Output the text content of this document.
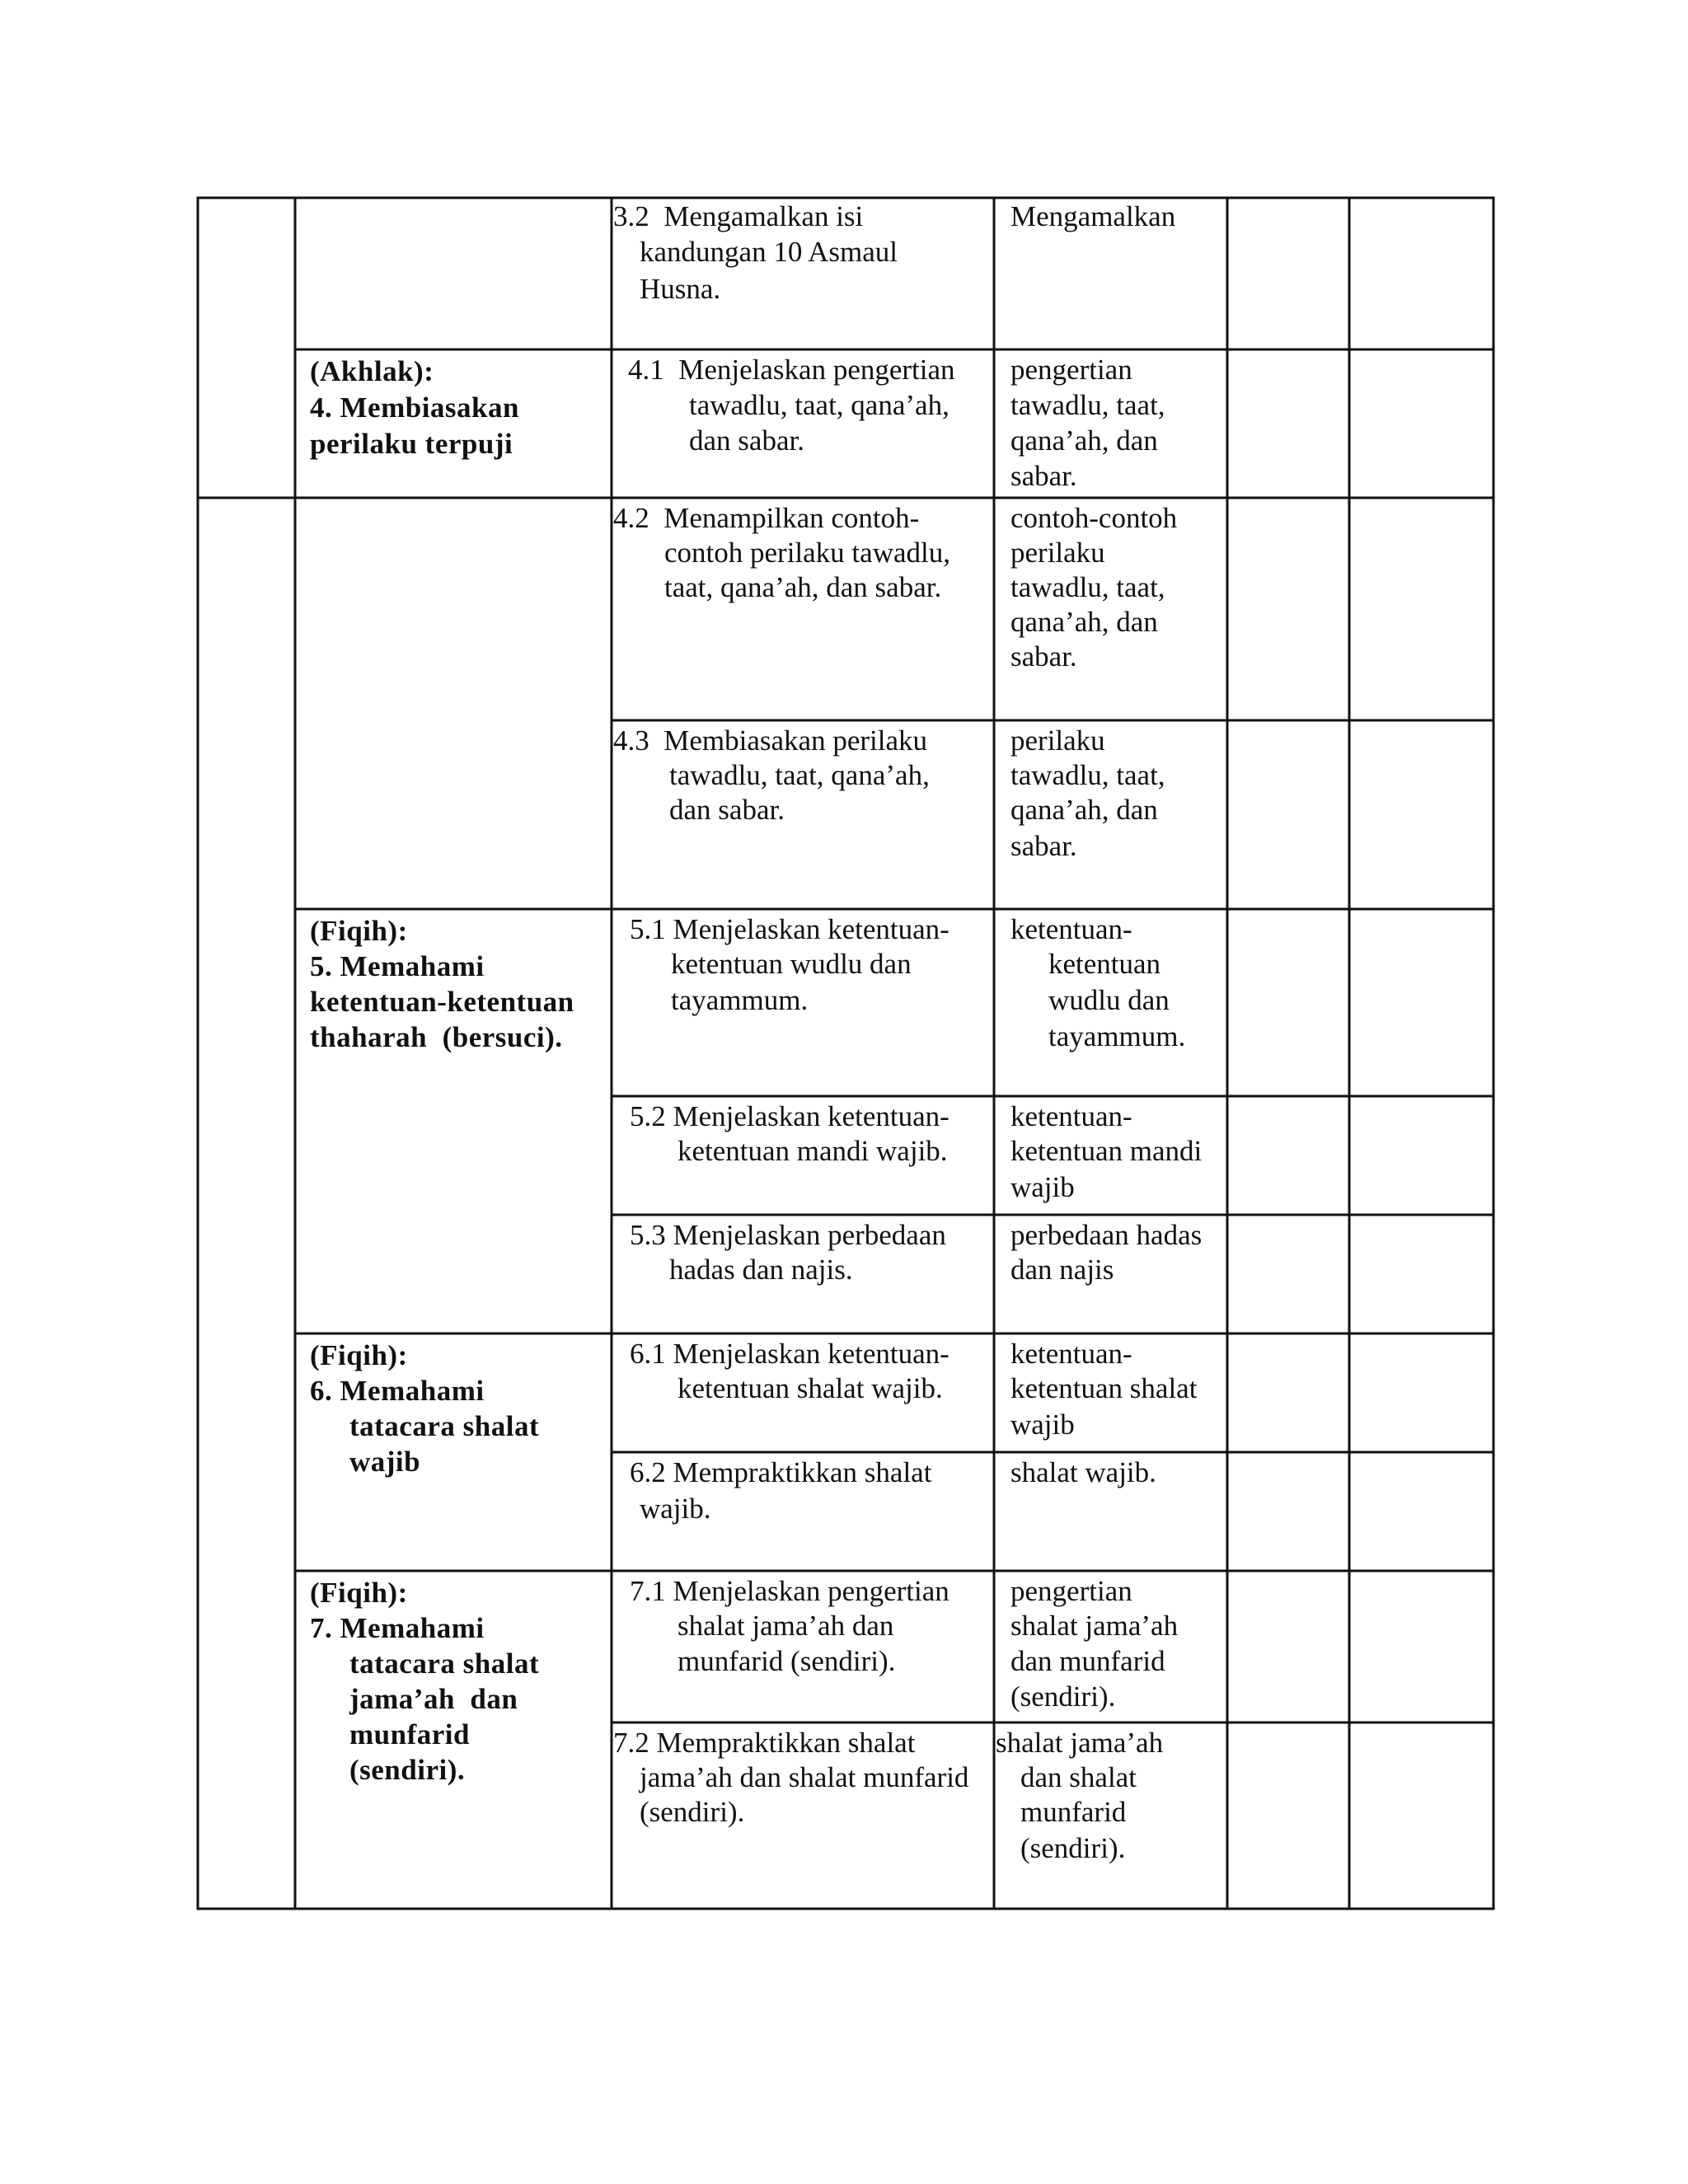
3.2  Mengamalkan isi
kandungan 10 Asmaul
Husna.
4.1  Menjelaskan pengertian
tawadlu, taat, qana’ah,
dan sabar.
4.2  Menampilkan contoh-
contoh perilaku tawadlu,
taat, qana’ah, dan sabar.
4.3  Membiasakan perilaku
tawadlu, taat, qana’ah,
dan sabar.
5.1 Menjelaskan ketentuan-
ketentuan wudlu dan
tayammum.
5.2 Menjelaskan ketentuan-
ketentuan mandi wajib.
5.3 Menjelaskan perbedaan
hadas dan najis.
6.1 Menjelaskan ketentuan-
ketentuan shalat wajib.
6.2 Mempraktikkan shalat
wajib.
7.1 Menjelaskan pengertian
shalat jama’ah dan
munfarid (sendiri).
7.2 Mempraktikkan shalat
jama’ah dan shalat munfarid
(sendiri).
Mengamalkan
pengertian
tawadlu, taat,
qana’ah, dan
sabar.
contoh-contoh
perilaku
tawadlu, taat,
qana’ah, dan
sabar.
perilaku
tawadlu, taat,
qana’ah, dan
sabar.
ketentuan-
ketentuan
wudlu dan
tayammum.
ketentuan-
ketentuan mandi
wajib
perbedaan hadas
dan najis
ketentuan-
ketentuan shalat
wajib
shalat wajib.
pengertian
shalat jama’ah
dan munfarid
(sendiri).
shalat jama’ah
dan shalat
munfarid
(sendiri).
(Akhlak):
4. Membiasakan
perilaku terpuji
(Fiqih):
5. Memahami
ketentuan-ketentuan
thaharah  (bersuci).
(Fiqih):
6. Memahami
tatacara shalat
wajib
(Fiqih):
7. Memahami
tatacara shalat
jama’ah  dan
munfarid
(sendiri).
